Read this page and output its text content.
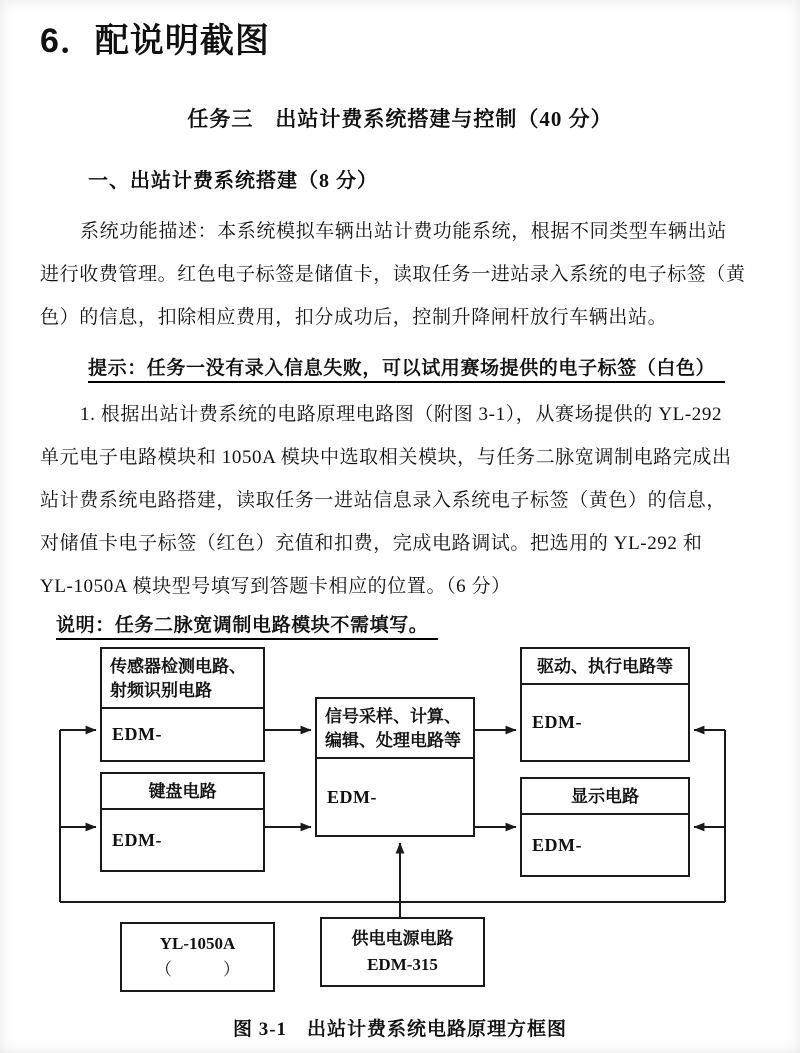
6．配说明截图
任务三　出站计费系统搭建与控制（40 分）
一、出站计费系统搭建（8 分）
系统功能描述：本系统模拟车辆出站计费功能系统，根据不同类型车辆出站
进行收费管理。红色电子标签是储值卡，读取任务一进站录入系统的电子标签（黄
色）的信息，扣除相应费用，扣分成功后，控制升降闸杆放行车辆出站。
提示：任务一没有录入信息失败，可以试用赛场提供的电子标签（白色）
1. 根据出站计费系统的电路原理电路图（附图 3-1），从赛场提供的 YL-292
单元电子电路模块和 1050A 模块中选取相关模块，与任务二脉宽调制电路完成出
站计费系统电路搭建，读取任务一进站信息录入系统电子标签（黄色）的信息，
对储值卡电子标签（红色）充值和扣费，完成电路调试。把选用的 YL-292 和
YL-1050A 模块型号填写到答题卡相应的位置。（6 分）
说明：任务二脉宽调制电路模块不需填写。
传感器检测电路、
射频识别电路
EDM-
驱动、执行电路等
EDM-
信号采样、计算、
编辑、处理电路等
EDM-
键盘电路
EDM-
显示电路
EDM-
YL-1050A
（　　　）
供电电源电路
EDM-315
图 3-1　出站计费系统电路原理方框图
